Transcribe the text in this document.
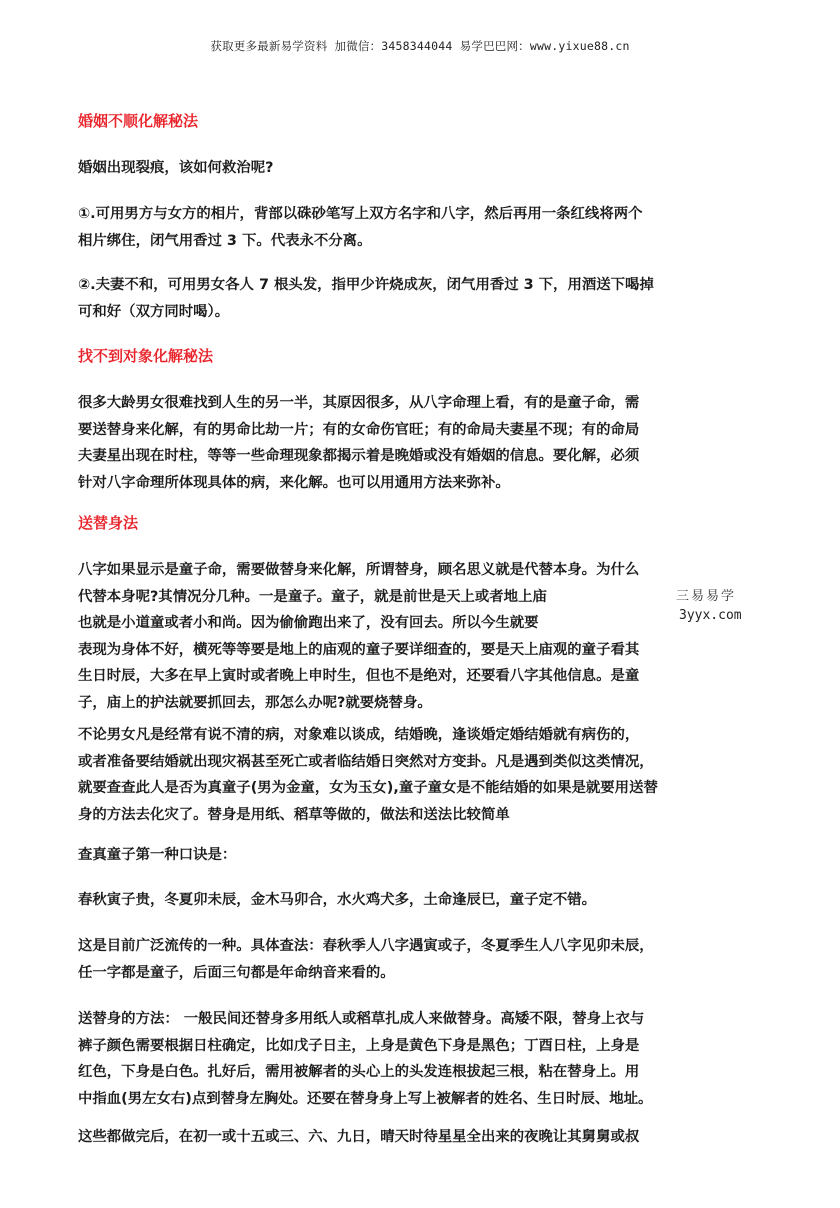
获取更多最新易学资料 加微信：3458344044 易学巴巴网：www.yixue88.cn
婚姻不顺化解秘法
婚姻出现裂痕，该如何救治呢?
①.可用男方与女方的相片，背部以硃砂笔写上双方名字和八字，然后再用一条红线将两个
相片绑住，闭气用香过 3 下。代表永不分离。
②.夫妻不和，可用男女各人 7 根头发，指甲少许烧成灰，闭气用香过 3 下，用酒送下喝掉
可和好（双方同时喝）。
找不到对象化解秘法
很多大龄男女很难找到人生的另一半，其原因很多，从八字命理上看，有的是童子命，需
要送替身来化解，有的男命比劫一片；有的女命伤官旺；有的命局夫妻星不现；有的命局
夫妻星出现在时柱，等等一些命理现象都揭示着是晚婚或没有婚姻的信息。要化解，必须
针对八字命理所体现具体的病，来化解。也可以用通用方法来弥补。
送替身法
八字如果显示是童子命，需要做替身来化解，所谓替身，顾名思义就是代替本身。为什么
代替本身呢?其情况分几种。一是童子。童子，就是前世是天上或者地上庙
也就是小道童或者小和尚。因为偷偷跑出来了，没有回去。所以今生就要
表现为身体不好，横死等等要是地上的庙观的童子要详细查的，要是天上庙观的童子看其
生日时辰，大多在早上寅时或者晚上申时生，但也不是绝对，还要看八字其他信息。是童
子，庙上的护法就要抓回去，那怎么办呢?就要烧替身。
不论男女凡是经常有说不清的病，对象难以谈成，结婚晚，逢谈婚定婚结婚就有病伤的，
或者准备要结婚就出现灾祸甚至死亡或者临结婚日突然对方变卦。凡是遇到类似这类情况，
就要查查此人是否为真童子(男为金童，女为玉女),童子童女是不能结婚的如果是就要用送替
身的方法去化灾了。替身是用纸、稻草等做的，做法和送法比较简单
查真童子第一种口诀是：
春秋寅子贵，冬夏卯未辰，金木马卯合，水火鸡犬多，土命逢辰巳，童子定不错。
这是目前广泛流传的一种。具体查法：春秋季人八字遇寅或子，冬夏季生人八字见卯未辰，
任一字都是童子，后面三句都是年命纳音来看的。
送替身的方法： 一般民间还替身多用纸人或稻草扎成人来做替身。高矮不限，替身上衣与
裤子颜色需要根据日柱确定，比如戊子日主，上身是黄色下身是黑色；丁酉日柱，上身是
红色，下身是白色。扎好后，需用被解者的头心上的头发连根拔起三根，粘在替身上。用
中指血(男左女右)点到替身左胸处。还要在替身身上写上被解者的姓名、生日时辰、地址。
这些都做完后，在初一或十五或三、六、九日，晴天时待星星全出来的夜晚让其舅舅或叔
三易易学
3yyx.com
